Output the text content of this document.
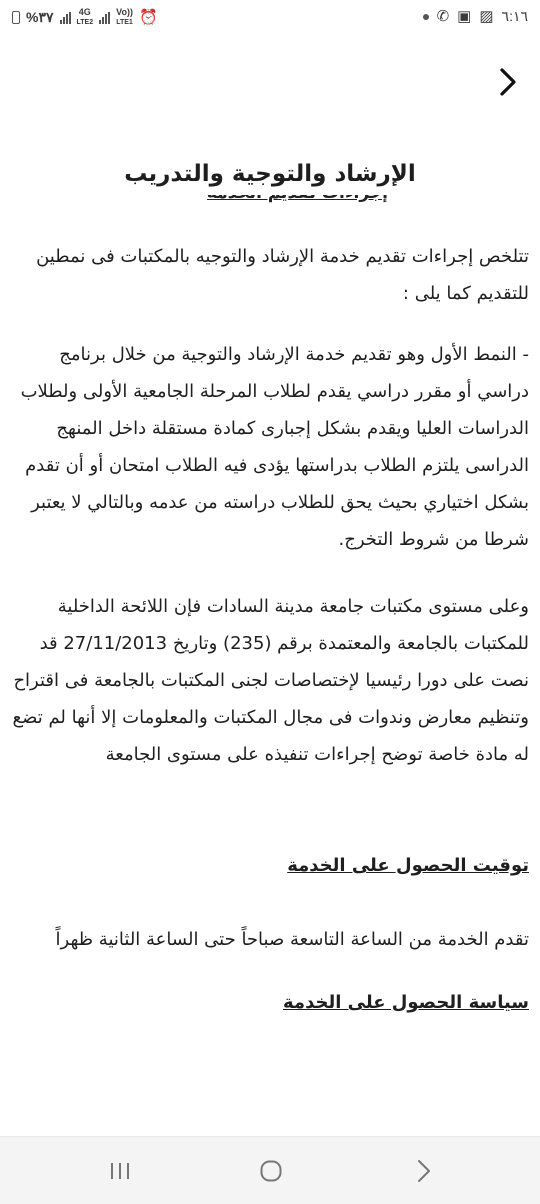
%٣٧	4G
LTE2
Vo))
LTE1 ⏰	✆ ▣ ▨ ٦:١٦
الإرشاد والتوجية والتدريب

تتلخص إجراءات تقديم خدمة الإرشاد والتوجيه بالمكتبات فى نمطين للتقديم كما يلى :

- النمط الأول وهو تقديم خدمة الإرشاد والتوجية من خلال برنامج دراسي أو مقرر دراسي يقدم لطلاب المرحلة الجامعية الأولى ولطلاب الدراسات العليا ويقدم بشكل إجبارى كمادة مستقلة داخل المنهج الدراسى يلتزم الطلاب بدراستها يؤدى فيه الطلاب امتحان أو أن تقدم بشكل اختياري بحيث يحق للطلاب دراسته من عدمه وبالتالي لا يعتبر شرطا من شروط التخرج.

وعلى مستوى مكتبات جامعة مدينة السادات فإن اللائحة الداخلية للمكتبات بالجامعة والمعتمدة برقم (235) وتاريخ 27/11/2013 قد نصت على دورا رئيسيا لإختصاصات لجنى المكتبات بالجامعة فى اقتراح وتنظيم معارض وندوات فى مجال المكتبات والمعلومات إلا أنها لم تضع له مادة خاصة توضح إجراءات تنفيذه على مستوى الجامعة

توقيت الحصول على الخدمة

تقدم الخدمة من الساعة التاسعة صباحاً حتى الساعة الثانية ظهراً

سياسة الحصول على الخدمة
